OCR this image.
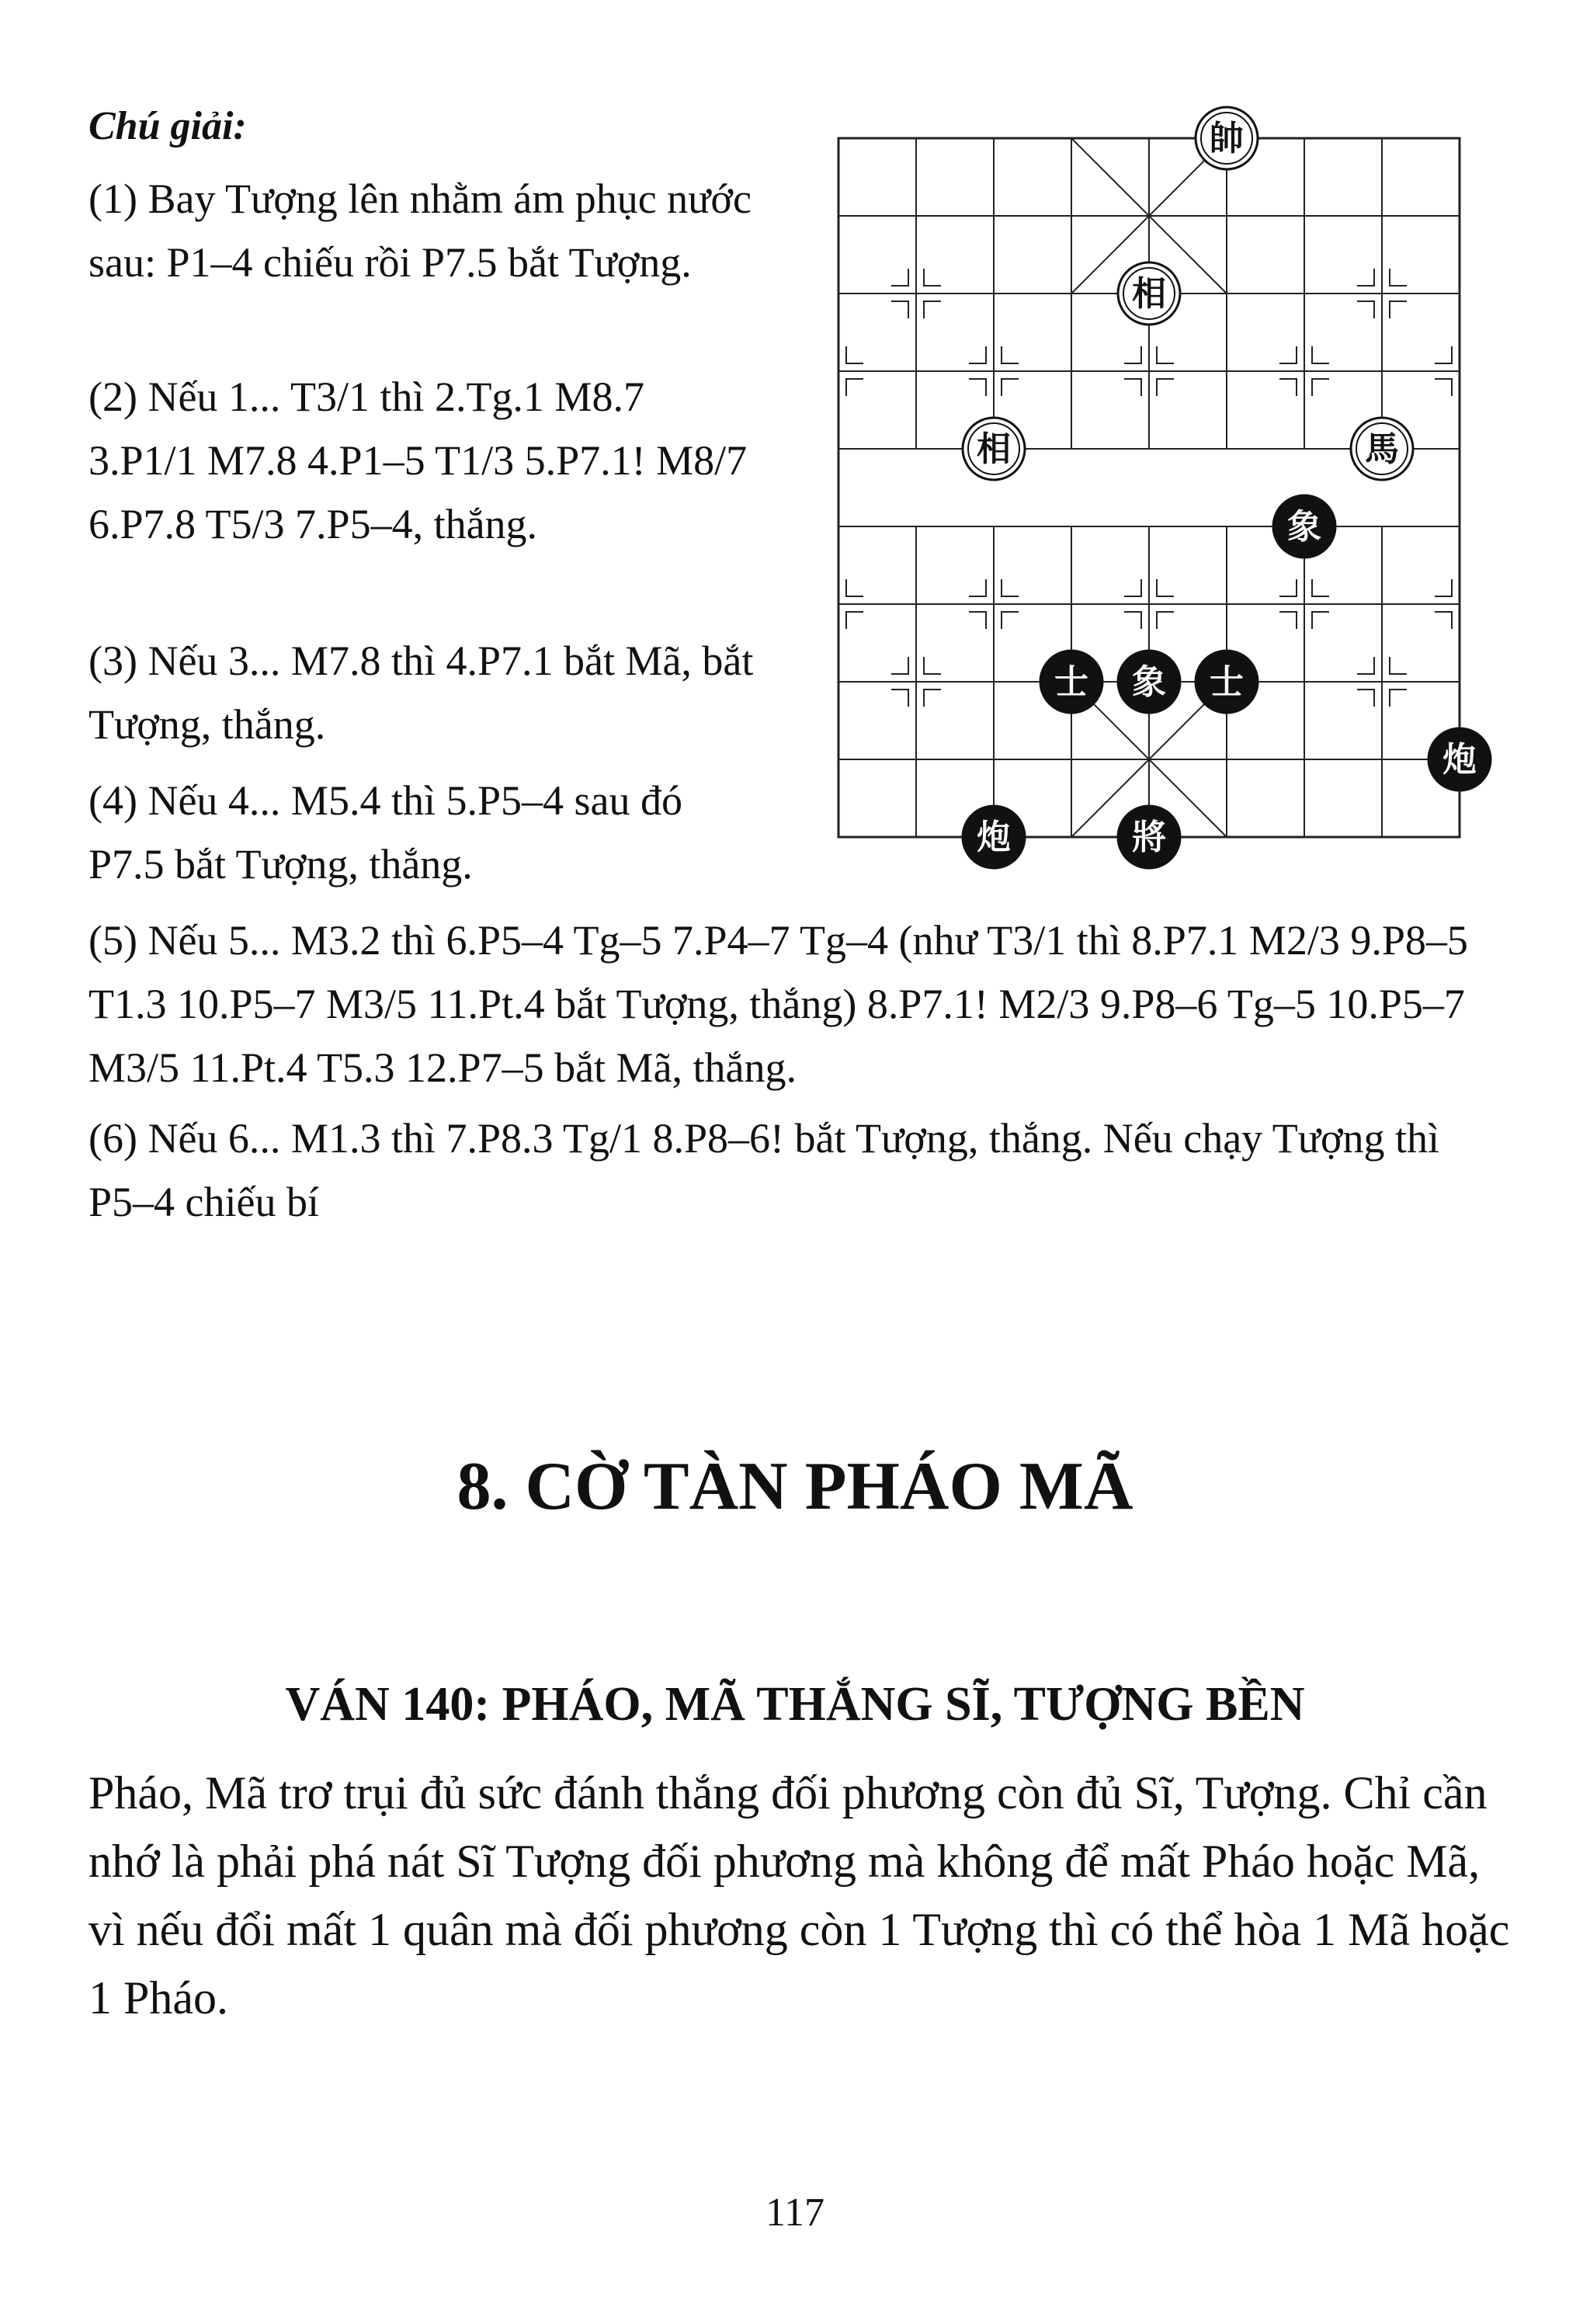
Chú giải:

(1) Bay Tượng lên nhằm ám phục nước sau: P1–4 chiếu rồi P7.5 bắt Tượng.

(2) Nếu 1... T3/1 thì 2.Tg.1 M8.7 3.P1/1 M7.8 4.P1–5 T1/3 5.P7.1! M8/7 6.P7.8 T5/3 7.P5–4, thắng.

(3) Nếu 3... M7.8 thì 4.P7.1 bắt Mã, bắt Tượng, thắng.

(4) Nếu 4... M5.4 thì 5.P5–4 sau đó P7.5 bắt Tượng, thắng.

帥
相
相	馬
象
士 象 士
炮
炮	將

(5) Nếu 5... M3.2 thì 6.P5–4 Tg–5 7.P4–7 Tg–4 (như T3/1 thì 8.P7.1 M2/3 9.P8–5 T1.3 10.P5–7 M3/5 11.Pt.4 bắt Tượng, thắng) 8.P7.1! M2/3 9.P8–6 Tg–5 10.P5–7 M3/5 11.Pt.4 T5.3 12.P7–5 bắt Mã, thắng.

(6) Nếu 6... M1.3 thì 7.P8.3 Tg/1 8.P8–6! bắt Tượng, thắng. Nếu chạy Tượng thì P5–4 chiếu bí

8. CỜ TÀN PHÁO MÃ
VÁN 140: PHÁO, MÃ THẮNG SĨ, TƯỢNG BỀN

Pháo, Mã trơ trụi đủ sức đánh thắng đối phương còn đủ Sĩ, Tượng. Chỉ cần nhớ là phải phá nát Sĩ Tượng đối phương mà không để mất Pháo hoặc Mã, vì nếu đổi mất 1 quân mà đối phương còn 1 Tượng thì có thể hòa 1 Mã hoặc 1 Pháo.

117
